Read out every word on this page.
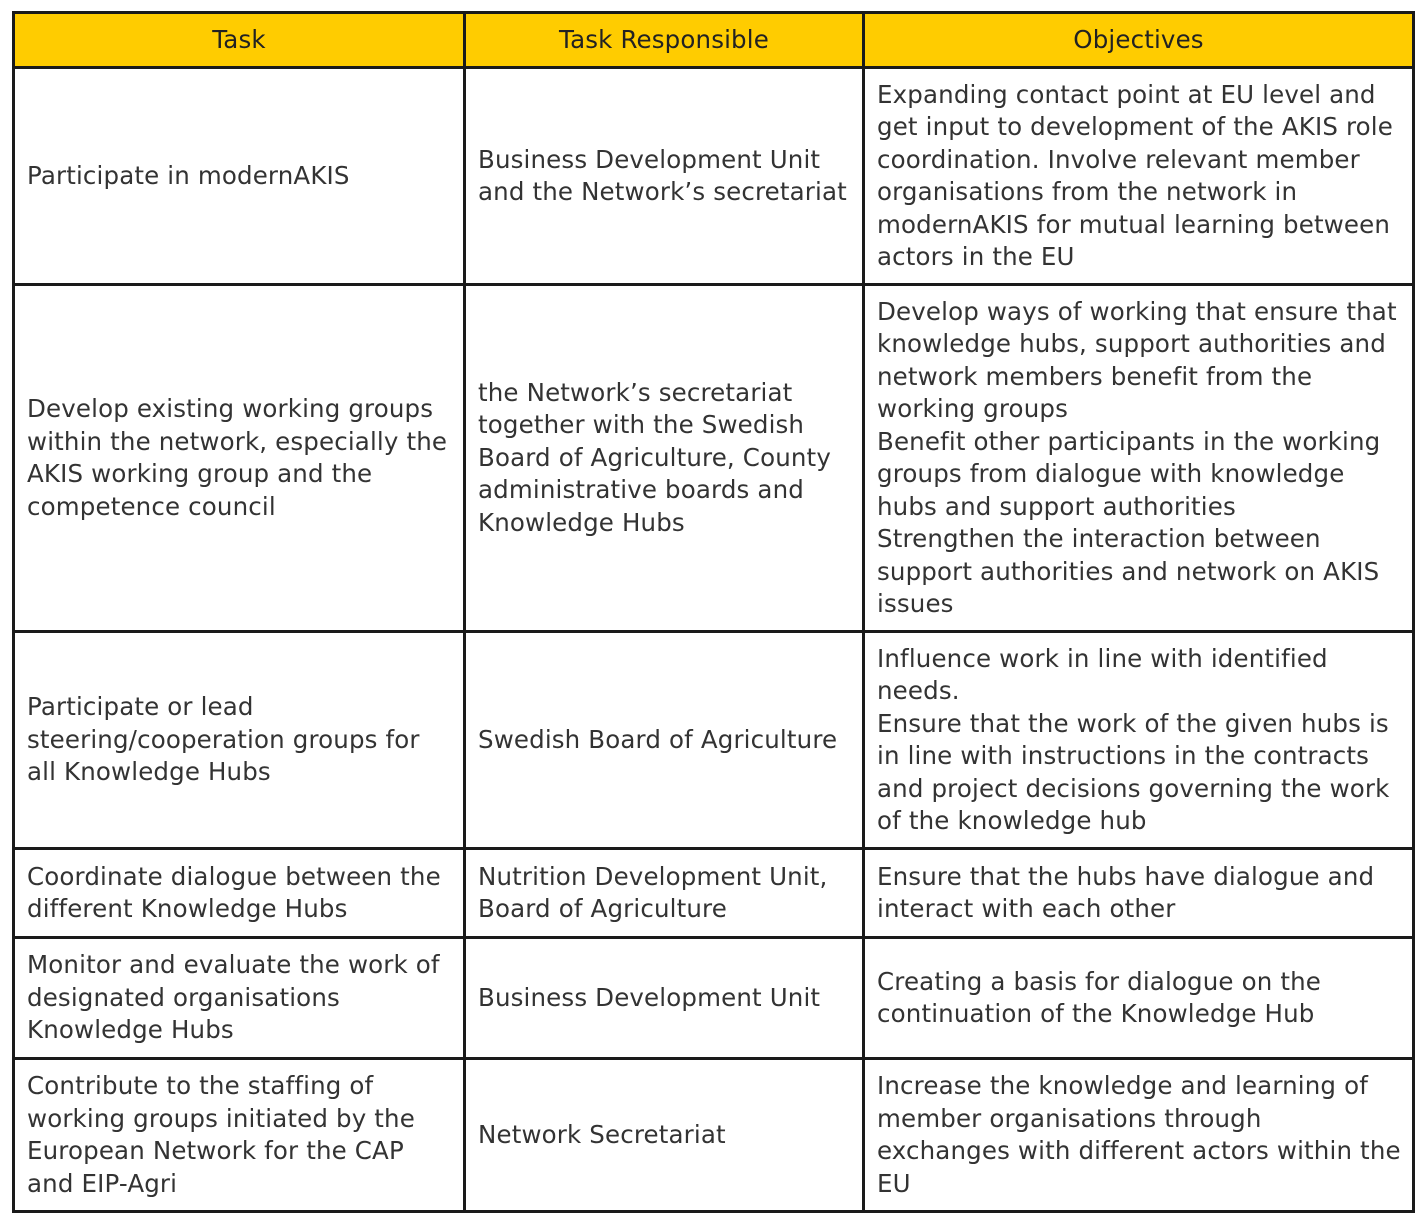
Task	Task Responsible	Objectives
Participate in modernAKIS	Business Development Unit and the Network’s secretariat	Expanding contact point at EU level and get input to development of the AKIS role coordination. Involve relevant member organisations from the network in modernAKIS for mutual learning between actors in the EU

Develop existing working groups within the network, especially the AKIS working group and the competence council	the Network’s secretariat together with the Swedish Board of Agriculture, County administrative boards and Knowledge Hubs	Develop ways of working that ensure that knowledge hubs, support authorities and network members benefit from the working groups
Benefit other participants in the working groups from dialogue with knowledge hubs and support authorities
Strengthen the interaction between support authorities and network on AKIS issues

Participate or lead steering/cooperation groups for all Knowledge Hubs	Swedish Board of Agriculture	Influence work in line with identified needs.
Ensure that the work of the given hubs is in line with instructions in the contracts and project decisions governing the work of the knowledge hub

Coordinate dialogue between the different Knowledge Hubs	Nutrition Development Unit, Board of Agriculture	Ensure that the hubs have dialogue and interact with each other

Monitor and evaluate the work of designated organisations Knowledge Hubs	Business Development Unit	Creating a basis for dialogue on the continuation of the Knowledge Hub

Contribute to the staffing of working groups initiated by the European Network for the CAP and EIP-Agri	Network Secretariat	Increase the knowledge and learning of member organisations through exchanges with different actors within the EU
